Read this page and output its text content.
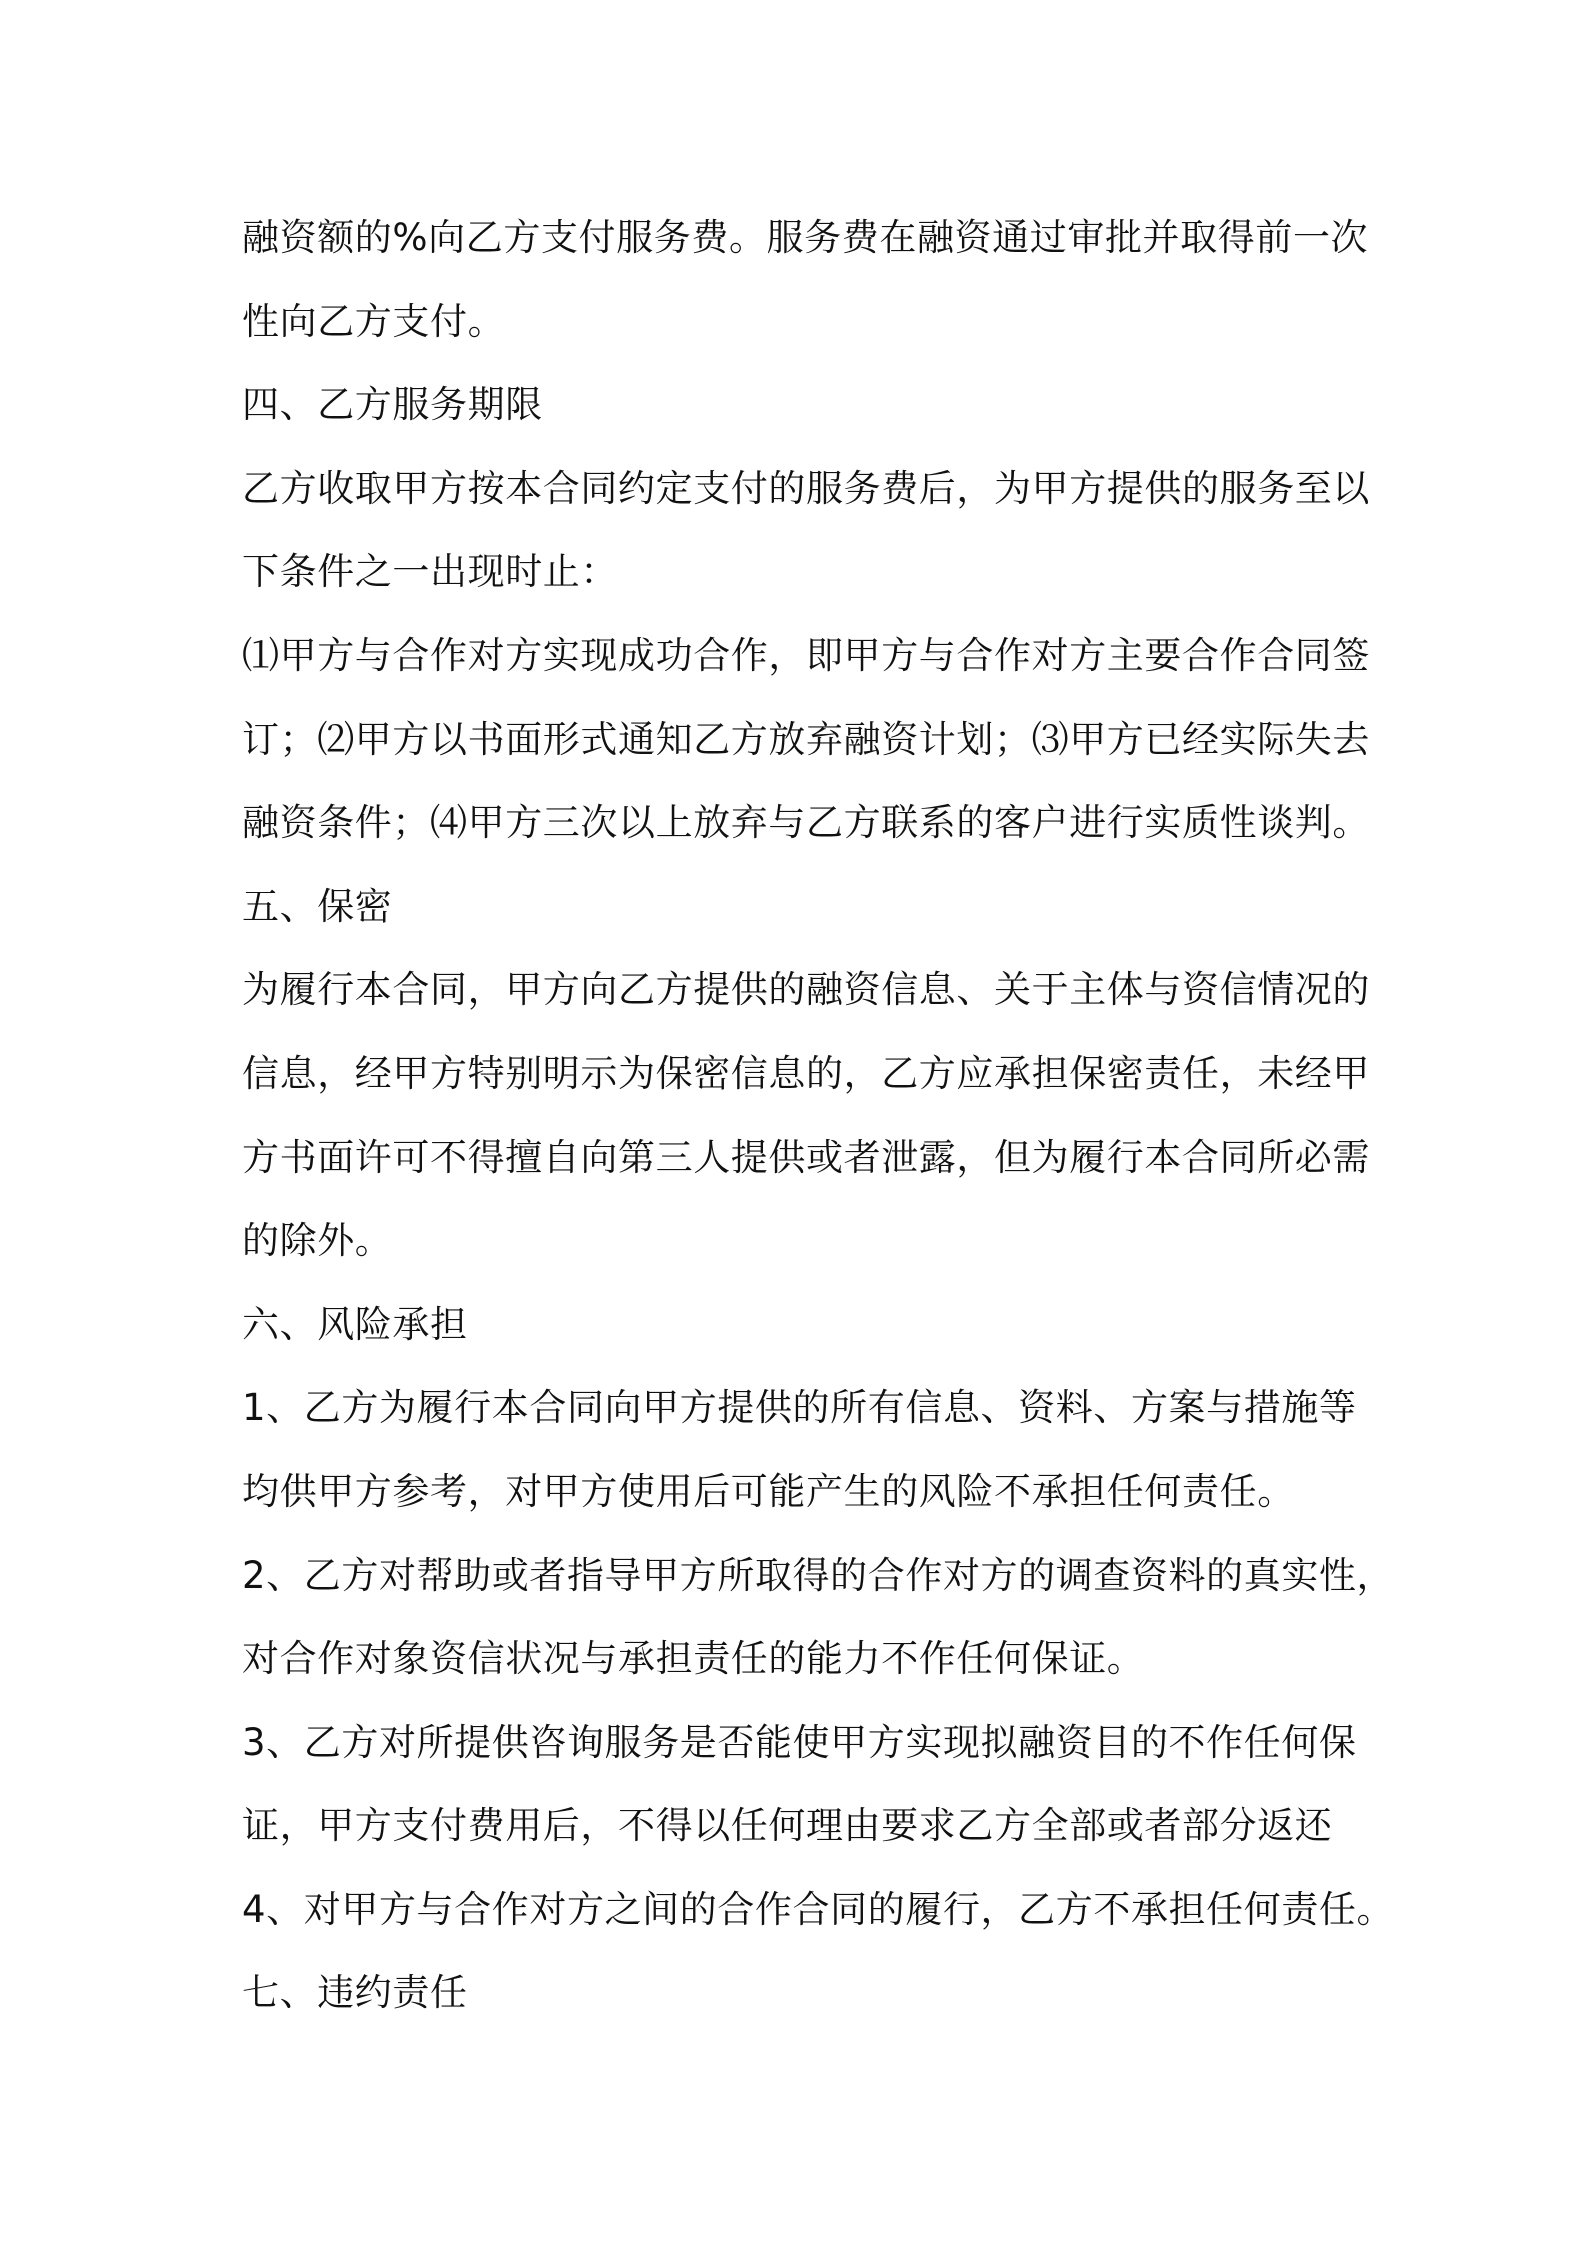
融资额的%向乙方支付服务费。服务费在融资通过审批并取得前一次
性向乙方支付。
四、乙方服务期限
乙方收取甲方按本合同约定支付的服务费后，为甲方提供的服务至以
下条件之一出现时止：
⑴甲方与合作对方实现成功合作，即甲方与合作对方主要合作合同签
订；⑵甲方以书面形式通知乙方放弃融资计划；⑶甲方已经实际失去
融资条件；⑷甲方三次以上放弃与乙方联系的客户进行实质性谈判。
五、保密
为履行本合同，甲方向乙方提供的融资信息、关于主体与资信情况的
信息，经甲方特别明示为保密信息的，乙方应承担保密责任，未经甲
方书面许可不得擅自向第三人提供或者泄露，但为履行本合同所必需
的除外。
六、风险承担
1、乙方为履行本合同向甲方提供的所有信息、资料、方案与措施等
均供甲方参考，对甲方使用后可能产生的风险不承担任何责任。
2、乙方对帮助或者指导甲方所取得的合作对方的调查资料的真实性，
对合作对象资信状况与承担责任的能力不作任何保证。
3、乙方对所提供咨询服务是否能使甲方实现拟融资目的不作任何保
证，甲方支付费用后，不得以任何理由要求乙方全部或者部分返还
4、对甲方与合作对方之间的合作合同的履行，乙方不承担任何责任。
七、违约责任
